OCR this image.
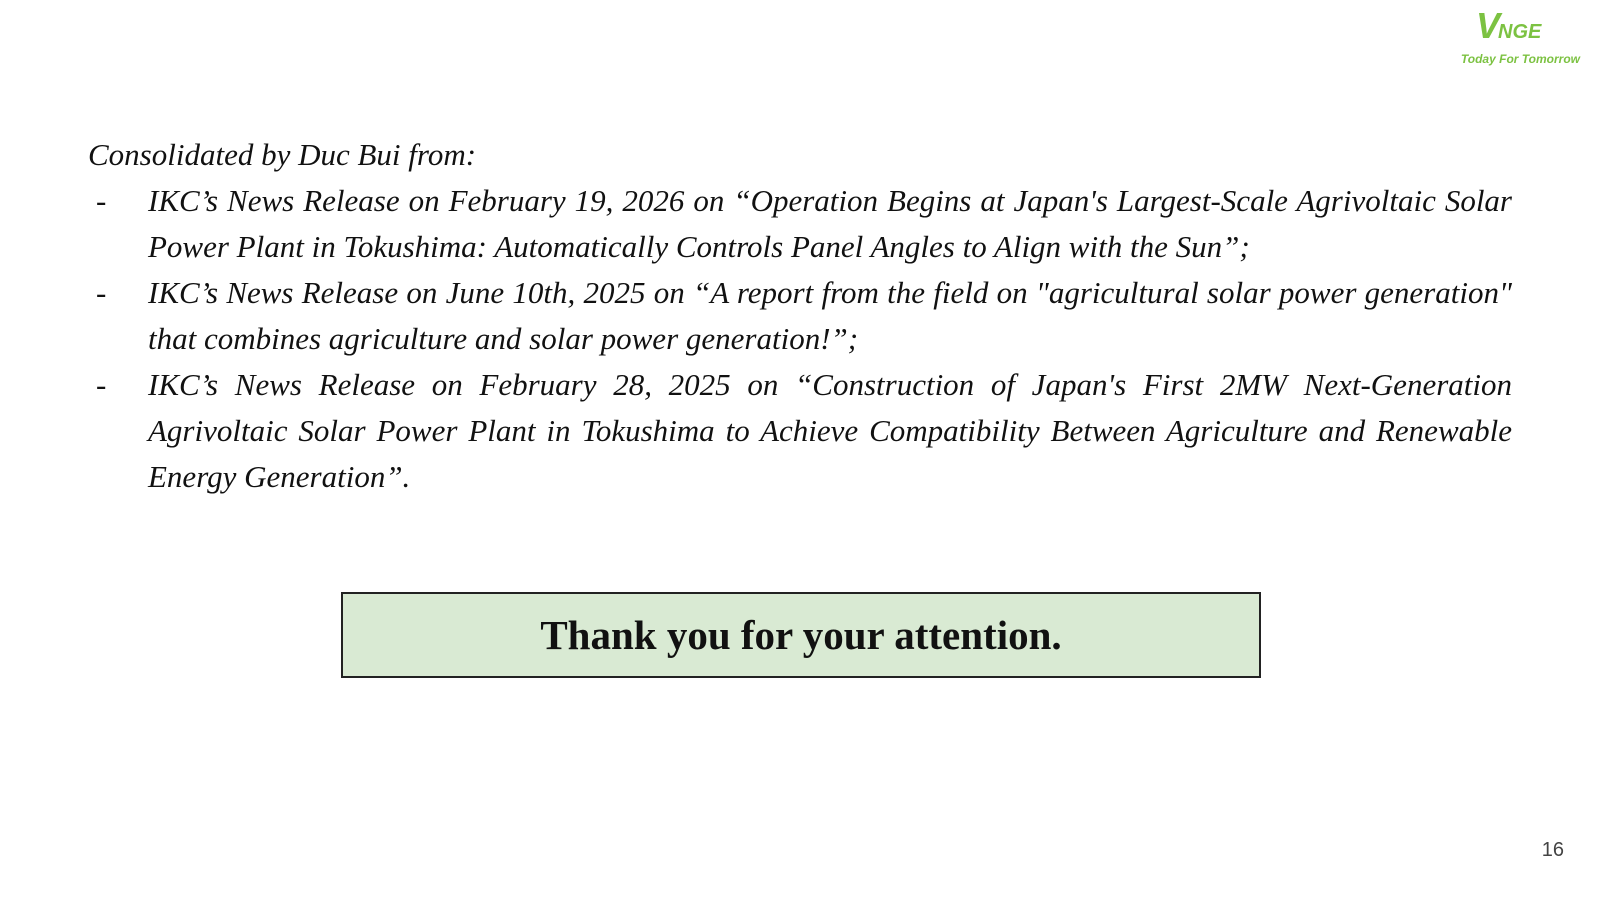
VNGE
Today For Tomorrow

Consolidated by Duc Bui from:

- IKC’s News Release on February 19, 2026 on “Operation Begins at Japan's Largest-Scale Agrivoltaic Solar Power Plant in Tokushima: Automatically Controls Panel Angles to Align with the Sun”;
- IKC’s News Release on June 10th, 2025 on “A report from the field on "agricultural solar power generation" that combines agriculture and solar power generation!”;
- IKC’s News Release on February 28, 2025 on “Construction of Japan's First 2MW Next-Generation Agrivoltaic Solar Power Plant in Tokushima to Achieve Compatibility Between Agriculture and Renewable Energy Generation”.
Thank you for your attention.
16
